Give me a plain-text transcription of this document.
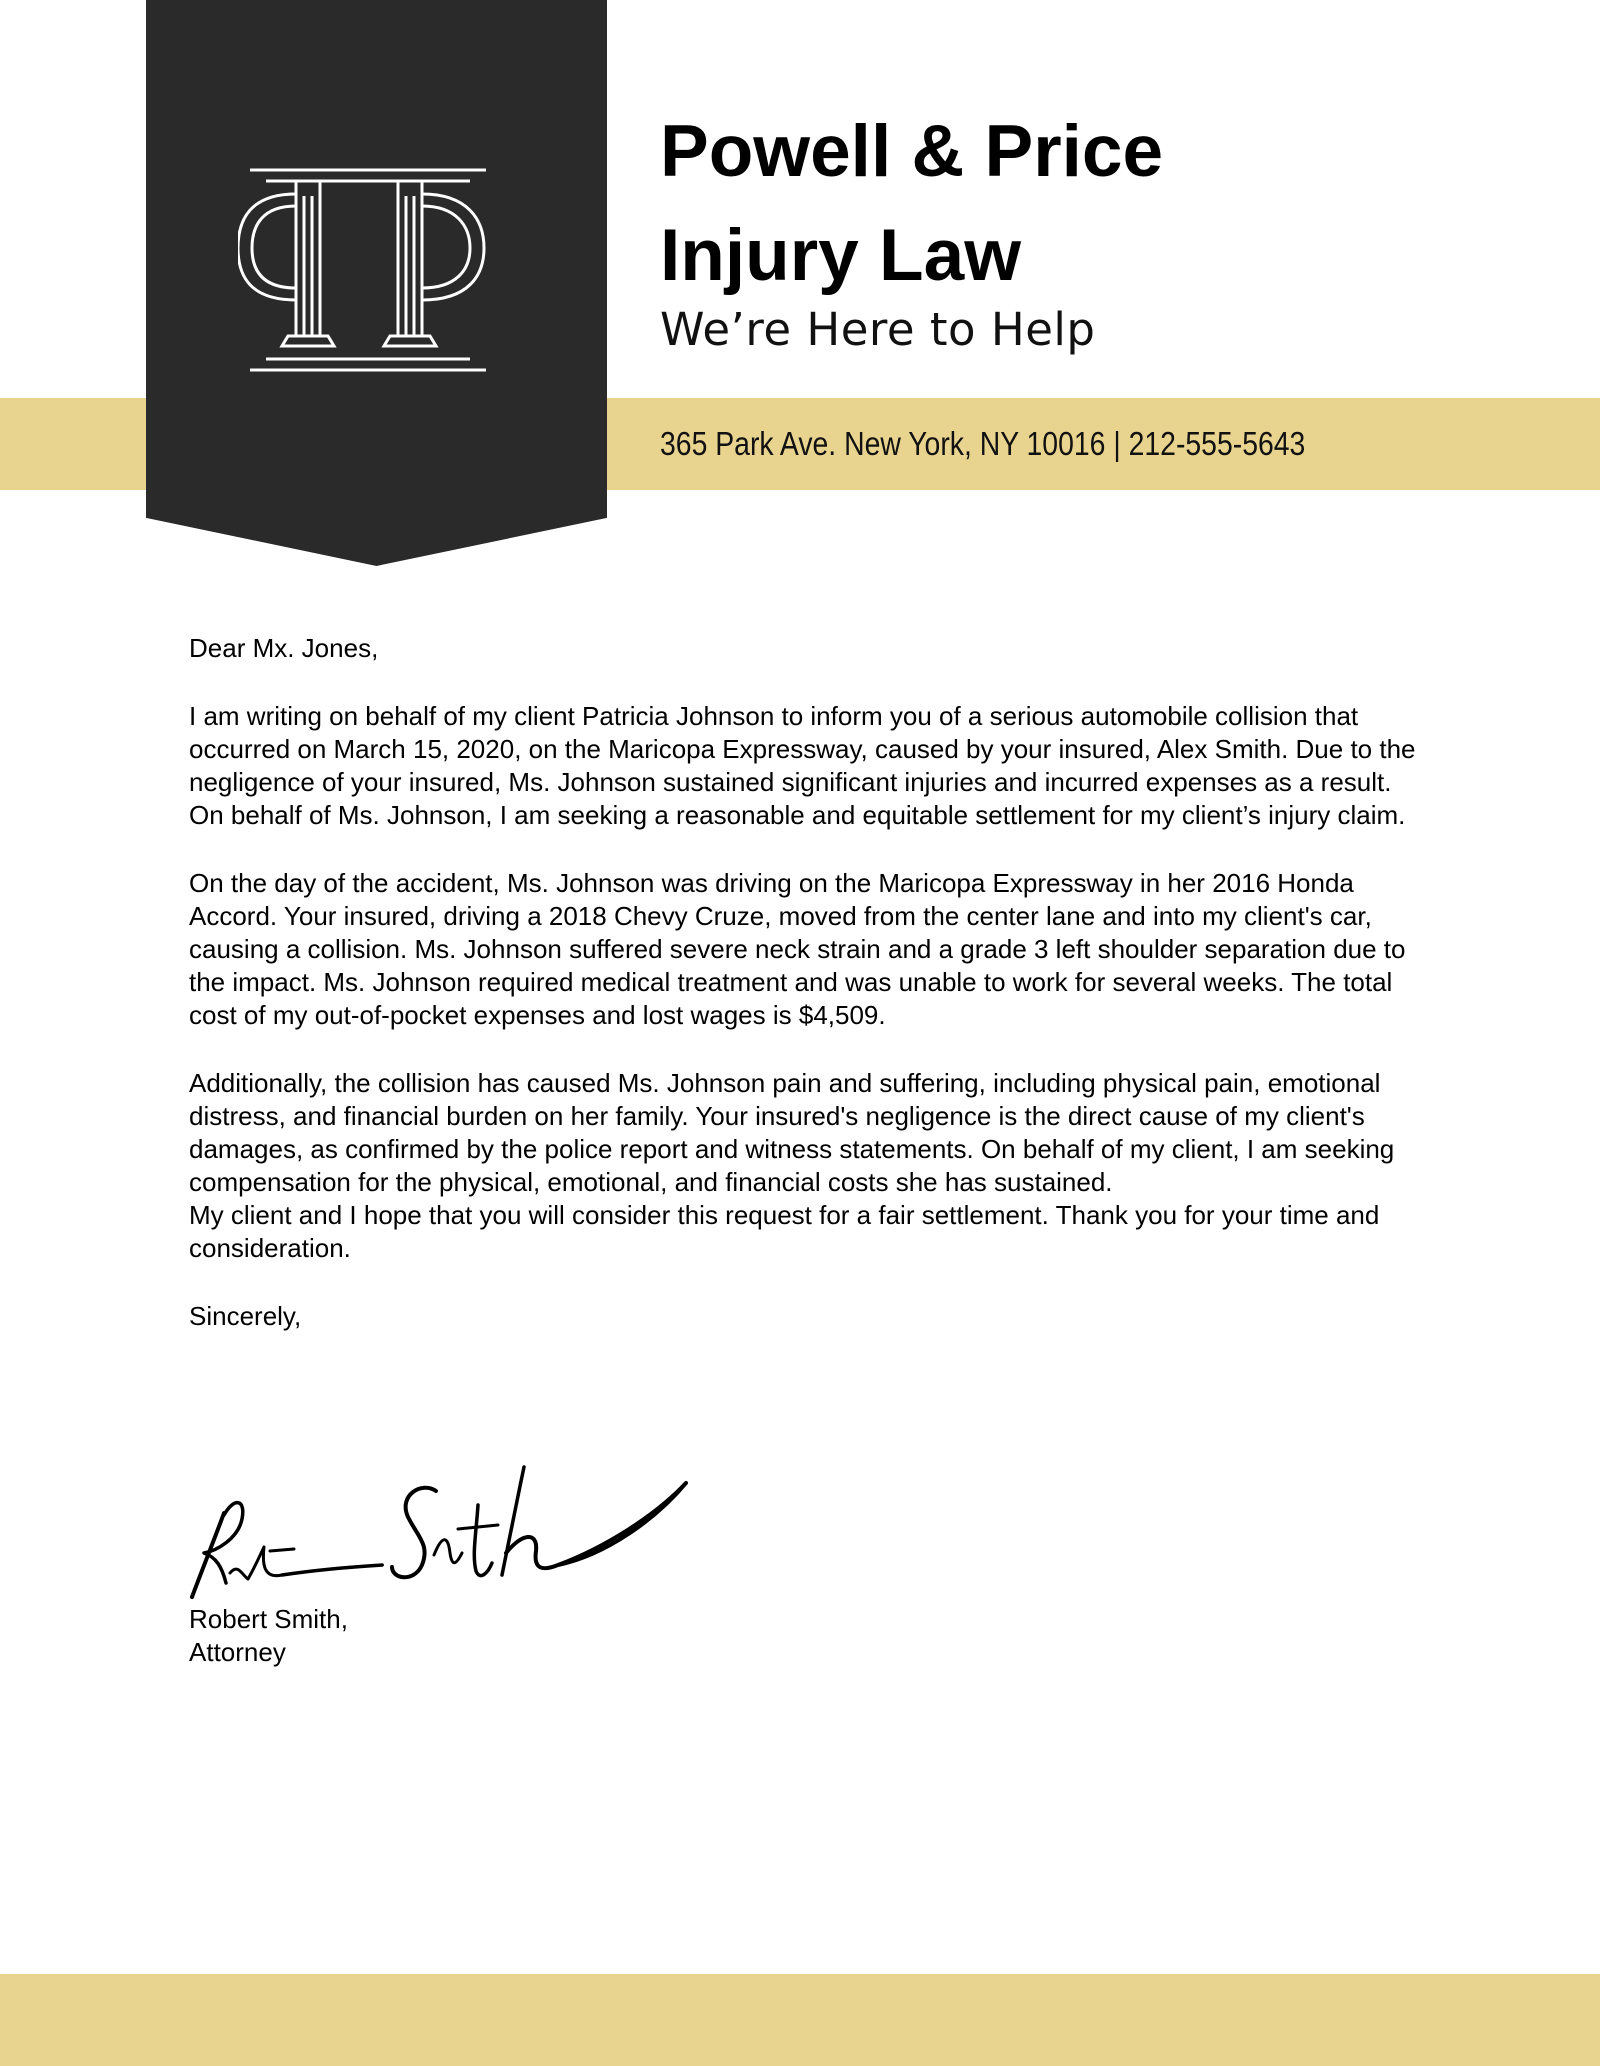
Powell & Price
Injury Law
We’re Here to Help
365 Park Ave. New York, NY 10016 | 212-555-5643

Dear Mx. Jones,

I am writing on behalf of my client Patricia Johnson to inform you of a serious automobile collision that occurred on March 15, 2020, on the Maricopa Expressway, caused by your insured, Alex Smith. Due to the negligence of your insured, Ms. Johnson sustained significant injuries and incurred expenses as a result. On behalf of Ms. Johnson, I am seeking a reasonable and equitable settlement for my client’s injury claim.

On the day of the accident, Ms. Johnson was driving on the Maricopa Expressway in her 2016 Honda Accord. Your insured, driving a 2018 Chevy Cruze, moved from the center lane and into my client's car, causing a collision. Ms. Johnson suffered severe neck strain and a grade 3 left shoulder separation due to the impact. Ms. Johnson required medical treatment and was unable to work for several weeks. The total cost of my out-of-pocket expenses and lost wages is $4,509.

Additionally, the collision has caused Ms. Johnson pain and suffering, including physical pain, emotional distress, and financial burden on her family. Your insured's negligence is the direct cause of my client's damages, as confirmed by the police report and witness statements. On behalf of my client, I am seeking compensation for the physical, emotional, and financial costs she has sustained.

My client and I hope that you will consider this request for a fair settlement. Thank you for your time and consideration.

Sincerely,

Robert Smith,
Attorney
